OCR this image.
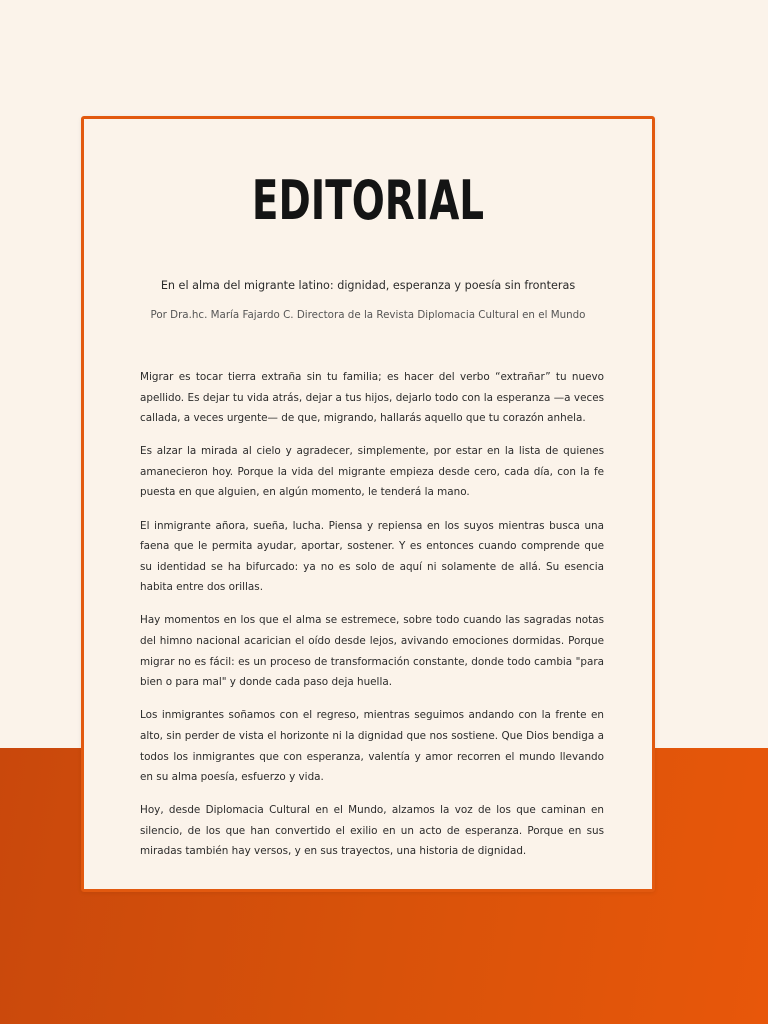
EDITORIAL

En el alma del migrante latino: dignidad, esperanza y poesía sin fronteras

Por Dra.hc. María Fajardo C. Directora de la Revista Diplomacia Cultural en el Mundo

Migrar es tocar tierra extraña sin tu familia; es hacer del verbo “extrañar” tu nuevo apellido. Es dejar tu vida atrás, dejar a tus hijos, dejarlo todo con la esperanza —a veces callada, a veces urgente— de que, migrando, hallarás aquello que tu corazón anhela.

Es alzar la mirada al cielo y agradecer, simplemente, por estar en la lista de quienes amanecieron hoy. Porque la vida del migrante empieza desde cero, cada día, con la fe puesta en que alguien, en algún momento, le tenderá la mano.

El inmigrante añora, sueña, lucha. Piensa y repiensa en los suyos mientras busca una faena que le permita ayudar, aportar, sostener. Y es entonces cuando comprende que su identidad se ha bifurcado: ya no es solo de aquí ni solamente de allá. Su esencia habita entre dos orillas.

Hay momentos en los que el alma se estremece, sobre todo cuando las sagradas notas del himno nacional acarician el oído desde lejos, avivando emociones dormidas. Porque migrar no es fácil: es un proceso de transformación constante, donde todo cambia "para bien o para mal" y donde cada paso deja huella.

Los inmigrantes soñamos con el regreso, mientras seguimos andando con la frente en alto, sin perder de vista el horizonte ni la dignidad que nos sostiene. Que Dios bendiga a todos los inmigrantes que con esperanza, valentía y amor recorren el mundo llevando en su alma poesía, esfuerzo y vida.

Hoy, desde Diplomacia Cultural en el Mundo, alzamos la voz de los que caminan en silencio, de los que han convertido el exilio en un acto de esperanza. Porque en sus miradas también hay versos, y en sus trayectos, una historia de dignidad.
